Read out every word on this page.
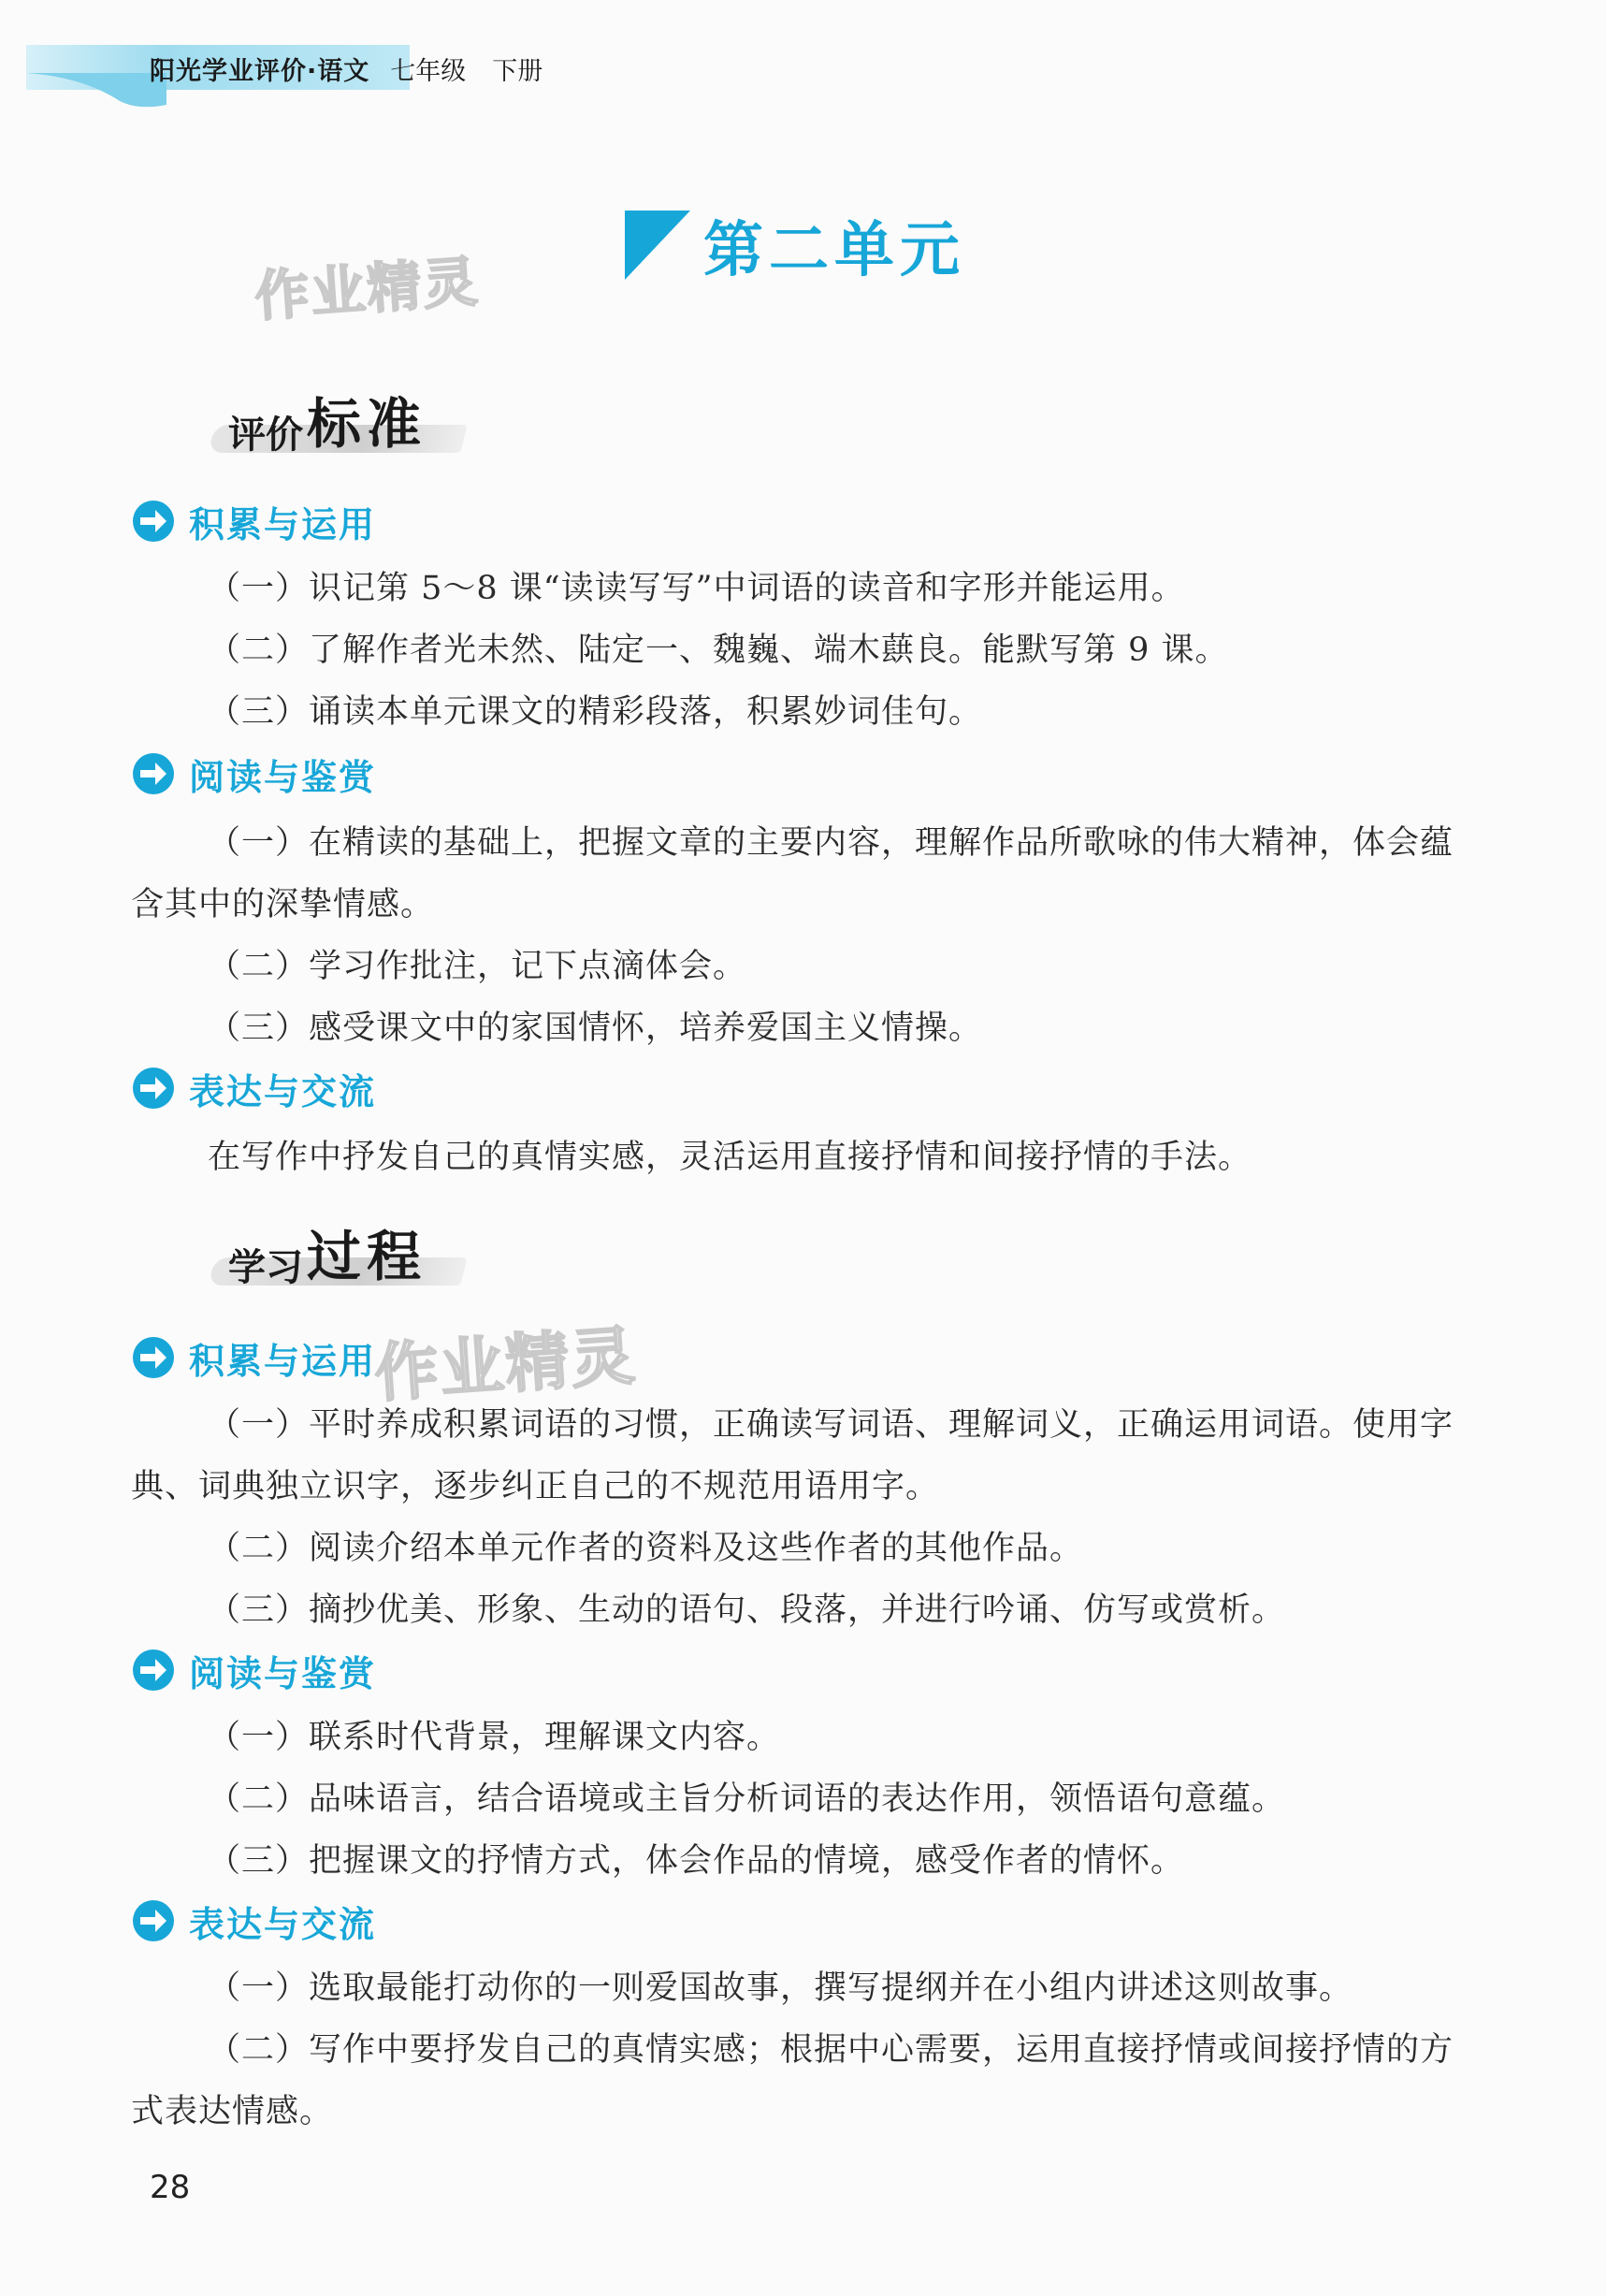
阳光学业评价·语文 七年级 下册
作业精灵
作业精灵
第二单元
评价 标准
积累与运用
（一）识记第 5～8 课“读读写写”中词语的读音和字形并能运用。
（二）了解作者光未然、陆定一、魏巍、端木蕻良。能默写第 9 课。
（三）诵读本单元课文的精彩段落，积累妙词佳句。
阅读与鉴赏
（一）在精读的基础上，把握文章的主要内容，理解作品所歌咏的伟大精神，体会蕴含其中的深挚情感。
（二）学习作批注，记下点滴体会。
（三）感受课文中的家国情怀，培养爱国主义情操。
表达与交流
在写作中抒发自己的真情实感，灵活运用直接抒情和间接抒情的手法。
学习 过程
积累与运用
（一）平时养成积累词语的习惯，正确读写词语、理解词义，正确运用词语。使用字典、词典独立识字，逐步纠正自己的不规范用语用字。
（二）阅读介绍本单元作者的资料及这些作者的其他作品。
（三）摘抄优美、形象、生动的语句、段落，并进行吟诵、仿写或赏析。
阅读与鉴赏
（一）联系时代背景，理解课文内容。
（二）品味语言，结合语境或主旨分析词语的表达作用，领悟语句意蕴。
（三）把握课文的抒情方式，体会作品的情境，感受作者的情怀。
表达与交流
（一）选取最能打动你的一则爱国故事，撰写提纲并在小组内讲述这则故事。
（二）写作中要抒发自己的真情实感；根据中心需要，运用直接抒情或间接抒情的方式表达情感。
28
